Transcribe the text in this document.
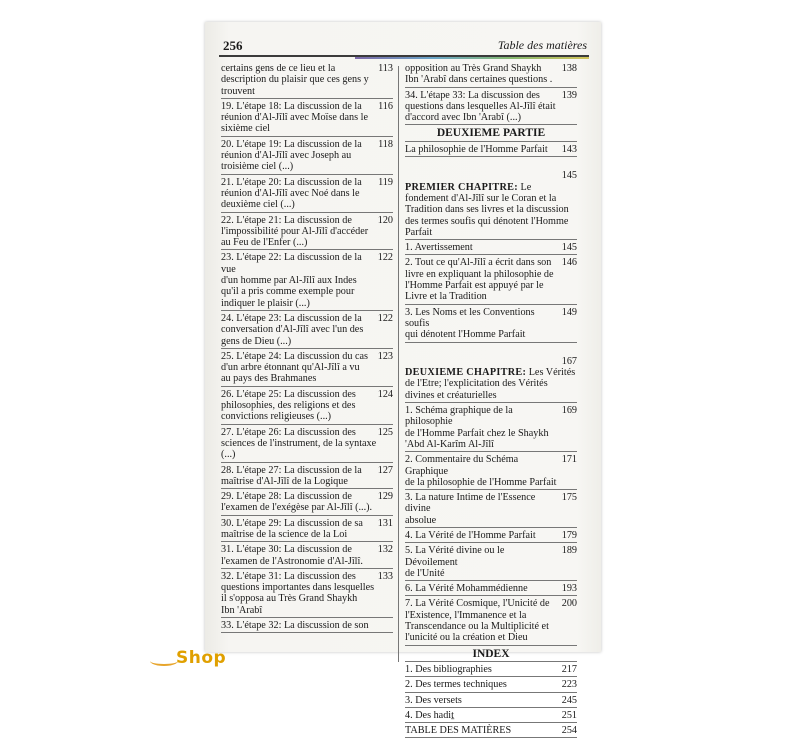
256	Table des matières
113
certains gens de ce lieu et la
description du plaisir que ces gens y
trouvent
116
19. L'étape 18: La discussion de la
réunion d'Al-Jîlî avec Moïse dans le
sixième ciel
118
20. L'étape 19: La discussion de la
réunion d'Al-Jîlî avec Joseph au
troisième ciel (...)
119
21. L'étape 20: La discussion de la
réunion d'Al-Jîlî avec Noé dans le
deuxième ciel (...)
120
22. L'étape 21: La discussion de
l'impossibilité pour Al-Jîlî d'accéder
au Feu de l'Enfer (...)
122
23. L'étape 22: La discussion de la vue
d'un homme par Al-Jîlî aux Indes
qu'il a pris comme exemple pour
indiquer le plaisir (...)
122
24. L'étape 23: La discussion de la
conversation d'Al-Jîlî avec l'un des
gens de Dieu (...)
123
25. L'étape 24: La discussion du cas
d'un arbre étonnant qu'Al-Jîlî a vu
au pays des Brahmanes
124
26. L'étape 25: La discussion des
philosophies, des religions et des
convictions religieuses (...)
125
27. L'étape 26: La discussion des
sciences de l'instrument, de la syntaxe
(...)
127
28. L'étape 27: La discussion de la
maîtrise d'Al-Jîlî de la Logique
129
29. L'étape 28: La discussion de
l'examen de l'exégèse par Al-Jîlî (...).
131
30. L'étape 29: La discussion de sa
maîtrise de la science de la Loi
132
31. L'étape 30: La discussion de
l'examen de l'Astronomie d'Al-Jîlî.
133
32. L'étape 31: La discussion des
questions importantes dans lesquelles
il s'opposa au Très Grand Shaykh
Ibn 'Arabî
33. L'étape 32: La discussion de son
138
opposition au Très Grand Shaykh
Ibn 'Arabî dans certaines questions .
139
34. L'étape 33: La discussion des
questions dans lesquelles Al-Jîlî était
d'accord avec Ibn 'Arabî (...)
DEUXIEME PARTIE
143
La philosophie de l'Homme Parfait

145

PREMIER CHAPITRE: Le fondement d'Al-Jîlî sur le Coran et la Tradition dans ses livres et la discussion des termes soufis qui dénotent l'Homme Parfait

145
1. Avertissement
146
2. Tout ce qu'Al-Jîlî a écrit dans son
livre en expliquant la philosophie de
l'Homme Parfait est appuyé par le
Livre et la Tradition
149
3. Les Noms et les Conventions soufis
qui dénotent l'Homme Parfait

167

DEUXIEME CHAPITRE: Les Vérités de l'Etre; l'explicitation des Vérités divines et créaturielles

169
1. Schéma graphique de la philosophie
de l'Homme Parfait chez le Shaykh
'Abd Al-Karîm Al-Jîlî
171
2. Commentaire du Schéma Graphique
de la philosophie de l'Homme Parfait
175
3. La nature Intime de l'Essence divine
absolue
179
4. La Vérité de l'Homme Parfait
189
5. La Vérité divine ou le Dévoilement
de l'Unité
193
6. La Vérité Mohammédienne
200
7. La Vérité Cosmique, l'Unicité de
l'Existence, l'Immanence et la
Transcendance ou la Multiplicité et
l'unicité ou la création et Dieu
INDEX
217
1. Des bibliographies
223
2. Des termes techniques
245
3. Des versets
251
4. Des hadiṯ
254
TABLE DES MATIÈRES
Shop
